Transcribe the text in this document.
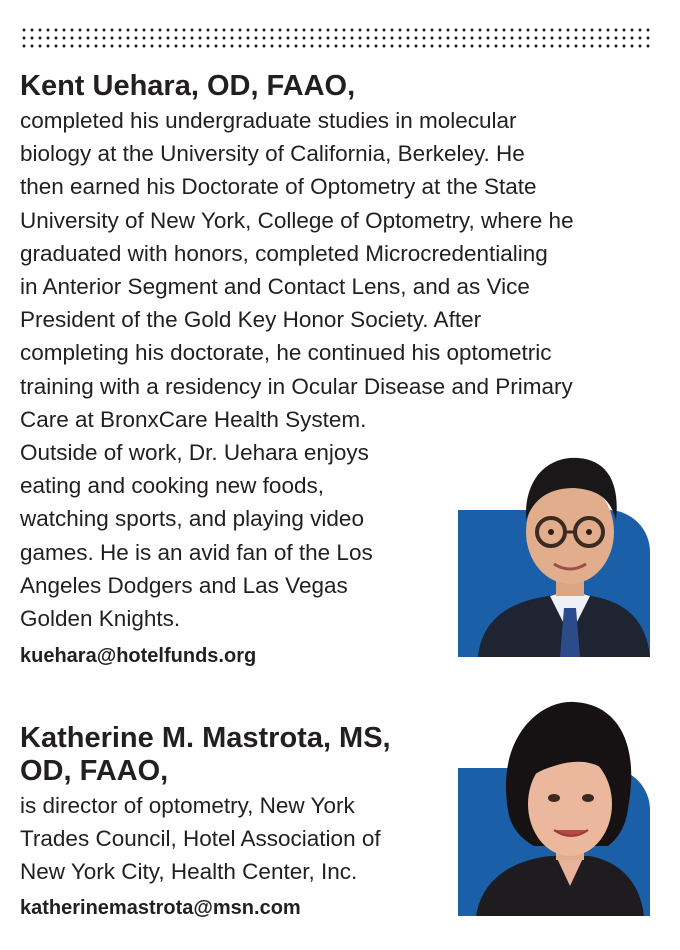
Kent Uehara, OD, FAAO,

completed his undergraduate studies in molecular
biology at the University of California, Berkeley. He
then earned his Doctorate of Optometry at the State
University of New York, College of Optometry, where he
graduated with honors, completed Microcredentialing
in Anterior Segment and Contact Lens, and as Vice
President of the Gold Key Honor Society. After
completing his doctorate, he continued his optometric
training with a residency in Ocular Disease and Primary
Care at BronxCare Health System.

Outside of work, Dr. Uehara enjoys
eating and cooking new foods,
watching sports, and playing video
games. He is an avid fan of the Los
Angeles Dodgers and Las Vegas
Golden Knights.

kuehara@hotelfunds.org
Katherine M. Mastrota, MS,
OD, FAAO,

is director of optometry, New York
Trades Council, Hotel Association of
New York City, Health Center, Inc.

katherinemastrota@msn.com
